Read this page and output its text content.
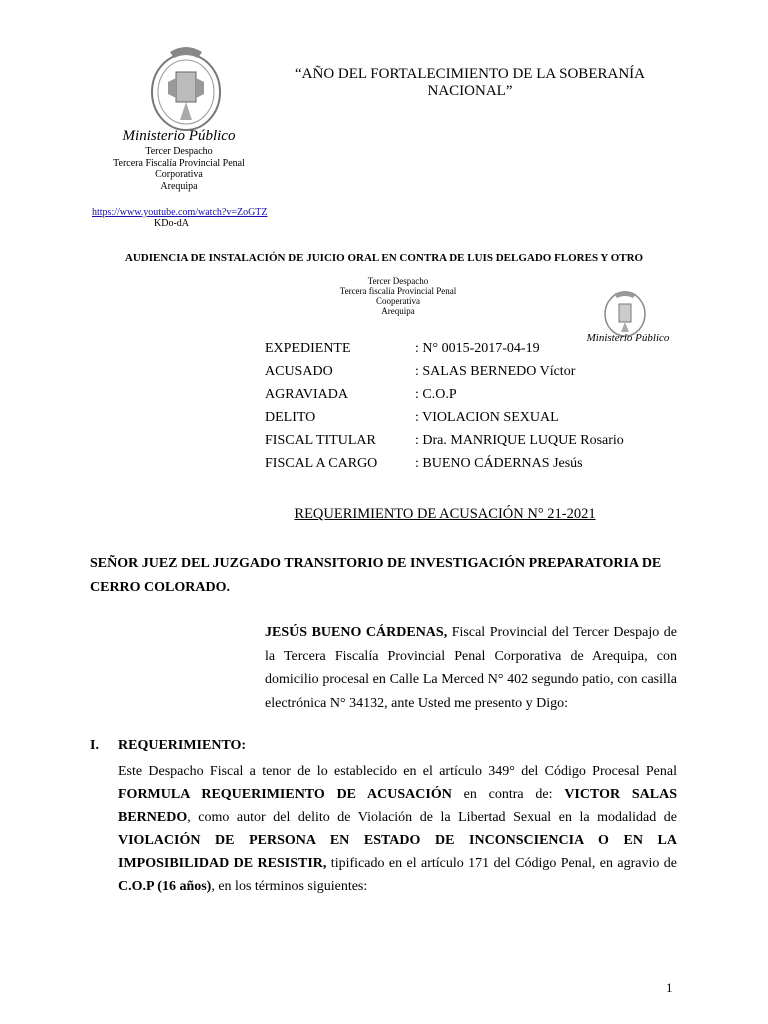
Ministerio Público
Tercer Despacho
Tercera Fiscalía Provincial Penal
Corporativa
Arequipa
https://www.youtube.com/watch?v=ZoGTZ
KDo-dA
“AÑO DEL FORTALECIMIENTO DE LA SOBERANÍA NACIONAL”
AUDIENCIA DE INSTALACIÓN DE JUICIO ORAL EN CONTRA DE LUIS DELGADO FLORES Y OTRO
Tercer Despacho
Tercera fiscalía Provincial Penal
Cooperativa
Arequipa
Ministerio Público
EXPEDIENTE	: N° 0015-2017-04-19
ACUSADO	: SALAS BERNEDO Víctor
AGRAVIADA	: C.O.P
DELITO	: VIOLACION SEXUAL
FISCAL TITULAR	: Dra. MANRIQUE LUQUE Rosario
FISCAL A CARGO	: BUENO CÁDERNAS Jesús
REQUERIMIENTO DE ACUSACIÓN N° 21-2021
SEÑOR JUEZ DEL JUZGADO TRANSITORIO DE INVESTIGACIÓN PREPARATORIA DE CERRO COLORADO.
JESÚS BUENO CÁRDENAS, Fiscal Provincial del Tercer Despajo de la Tercera Fiscalía Provincial Penal Corporativa de Arequipa, con domicilio procesal en Calle La Merced N° 402 segundo patio, con casilla electrónica N° 34132, ante Usted me presento y Digo:
I. REQUERIMIENTO:
Este Despacho Fiscal a tenor de lo establecido en el artículo 349° del Código Procesal Penal FORMULA REQUERIMIENTO DE ACUSACIÓN en contra de: VICTOR SALAS BERNEDO, como autor del delito de Violación de la Libertad Sexual en la modalidad de VIOLACIÓN DE PERSONA EN ESTADO DE INCONSCIENCIA O EN LA IMPOSIBILIDAD DE RESISTIR, tipificado en el artículo 171 del Código Penal, en agravio de C.O.P (16 años), en los términos siguientes:
1
